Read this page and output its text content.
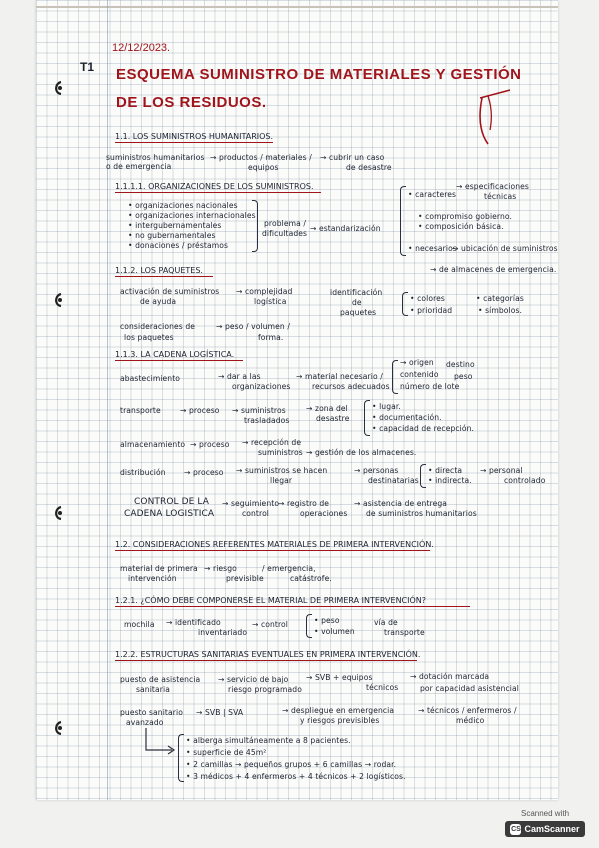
12/12/2023.
T1 ESQUEMA SUMINISTRO DE MATERIALES Y GESTIÓN
DE LOS RESIDUOS.
1.1. LOS SUMINISTROS HUMANITARIOS.
suministros humanitarios
o de emergencia
→ productos / materiales /
equipos
→ cubrir un caso
de desastre
1.1.1.1. ORGANIZACIONES DE LOS SUMINISTROS.
• organizaciones nacionales
• organizaciones internacionales
• intergubernamentales
• no gubernamentales
• donaciones / préstamos
problema /
dificultades
→ estandarización
• caracteres
→ especificaciones
técnicas
• compromiso gobierno.
• composición básica.
• necesarios
→ ubicación de suministros
→ de almacenes de emergencia.
1.1.2. LOS PAQUETES.
activación de suministros
de ayuda
→ complejidad
logística
identificación
de
paquetes
• colores
• prioridad
• categorías
• símbolos.
consideraciones de
los paquetes
→ peso / volumen /
forma.
1.1.3. LA CADENA LOGÍSTICA.
abastecimiento	→ dar a las
organizaciones
→ material necesario /
recursos adecuados
→ origen
contenido
número de lote
destino
peso
transporte	→ proceso → suministros
trasladados
→ zona del
desastre
• lugar.
• documentación.
• capacidad de recepción.
almacenamiento → proceso → recepción de
suministros → gestión de los almacenes.
distribución → proceso → suministros se hacen
llegar
→ personas
destinatarias
• directa
• indirecta.
→ personal
controlado
CONTROL DE LA
CADENA LOGISTICA
→ seguimiento
control
→ registro de
operaciones
→ asistencia de entrega
de suministros humanitarios
1.2. CONSIDERACIONES REFERENTES MATERIALES DE PRIMERA INTERVENCIÓN.
material de primera
intervención
→ riesgo
previsible
/ emergencia,
catástrofe.
1.2.1. ¿CÓMO DEBE COMPONERSE EL MATERIAL DE PRIMERA INTERVENCIÓN?
mochila → identificado
inventariado
→ control	• peso
• volumen
vía de
transporte
1.2.2. ESTRUCTURAS SANITARIAS EVENTUALES EN PRIMERA INTERVENCIÓN.
puesto de asistencia
sanitaria
→ servicio de bajo
riesgo programado
→ SVB + equipos
técnicos
→ dotación marcada
por capacidad asistencial
puesto sanitario
avanzado
→ SVB | SVA	→ despliegue en emergencia
y riesgos previsibles
→ técnicos / enfermeros /
médico
• alberga simultáneamente a 8 pacientes.
• superficie de 45m²
• 2 camillas → pequeños grupos + 6 camillas → rodar.
• 3 médicos + 4 enfermeros + 4 técnicos + 2 logísticos.
Scanned with
CS CamScanner
